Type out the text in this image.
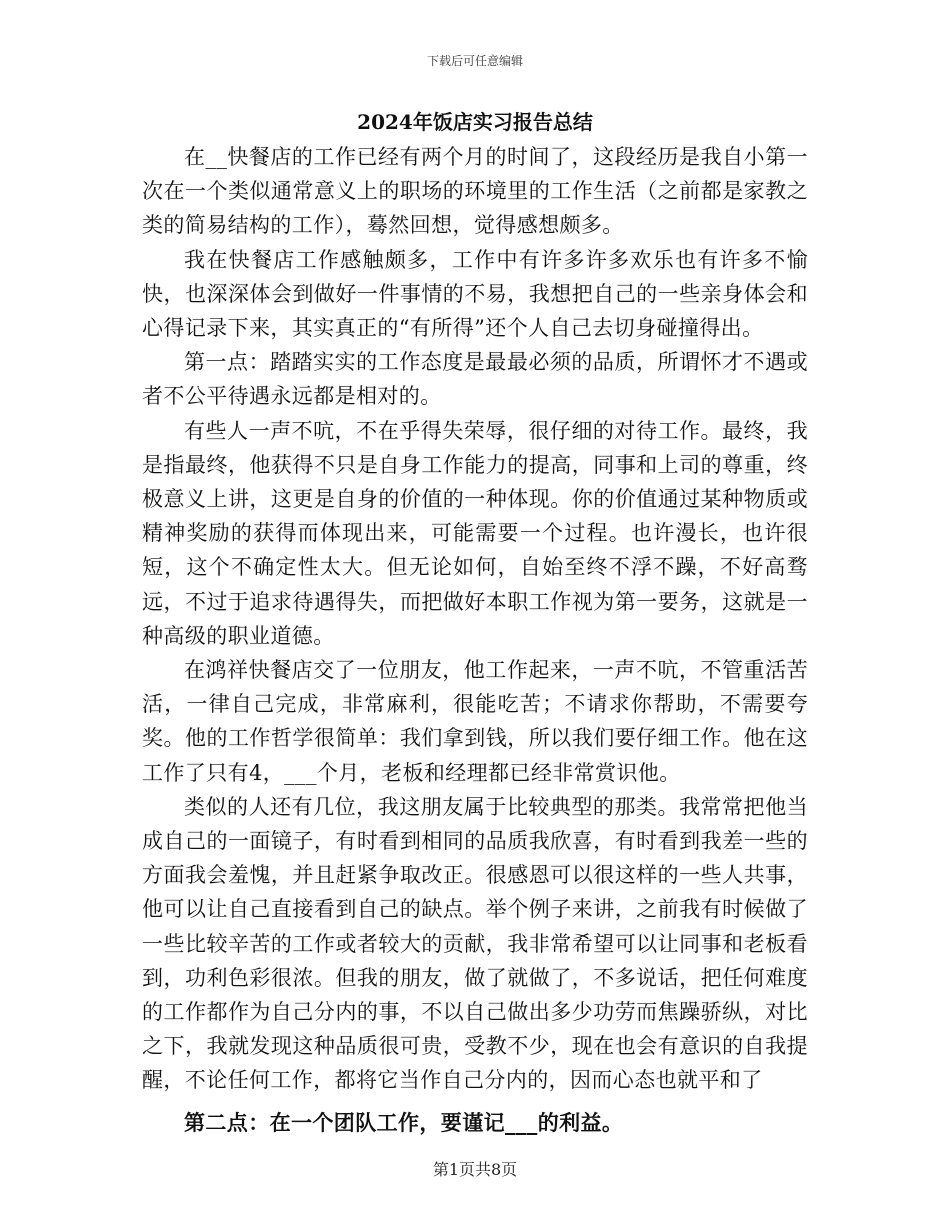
下载后可任意编辑
2024年饭店实习报告总结

在__快餐店的工作已经有两个月的时间了，这段经历是我自小第一次在一个类似通常意义上的职场的环境里的工作生活（之前都是家教之类的简易结构的工作），蓦然回想，觉得感想颇多。

我在快餐店工作感触颇多，工作中有许多许多欢乐也有许多不愉快，也深深体会到做好一件事情的不易，我想把自己的一些亲身体会和心得记录下来，其实真正的“有所得”还个人自己去切身碰撞得出。

第一点：踏踏实实的工作态度是最最必须的品质，所谓怀才不遇或者不公平待遇永远都是相对的。

有些人一声不吭，不在乎得失荣辱，很仔细的对待工作。最终，我是指最终，他获得不只是自身工作能力的提高，同事和上司的尊重，终极意义上讲，这更是自身的价值的一种体现。你的价值通过某种物质或精神奖励的获得而体现出来，可能需要一个过程。也许漫长，也许很短，这个不确定性太大。但无论如何，自始至终不浮不躁，不好高骛远，不过于追求待遇得失，而把做好本职工作视为第一要务，这就是一种高级的职业道德。

在鸿祥快餐店交了一位朋友，他工作起来，一声不吭，不管重活苦活，一律自己完成，非常麻利，很能吃苦；不请求你帮助，不需要夸奖。他的工作哲学很简单：我们拿到钱，所以我们要仔细工作。他在这工作了只有4，___个月，老板和经理都已经非常赏识他。

类似的人还有几位，我这朋友属于比较典型的那类。我常常把他当成自己的一面镜子，有时看到相同的品质我欣喜，有时看到我差一些的方面我会羞愧，并且赶紧争取改正。很感恩可以很这样的一些人共事，他可以让自己直接看到自己的缺点。举个例子来讲，之前我有时候做了一些比较辛苦的工作或者较大的贡献，我非常希望可以让同事和老板看到，功利色彩很浓。但我的朋友，做了就做了，不多说话，把任何难度的工作都作为自己分内的事，不以自己做出多少功劳而焦躁骄纵，对比之下，我就发现这种品质很可贵，受教不少，现在也会有意识的自我提醒，不论任何工作，都将它当作自己分内的，因而心态也就平和了

第二点：在一个团队工作，要谨记___的利益。

第1页共8页
